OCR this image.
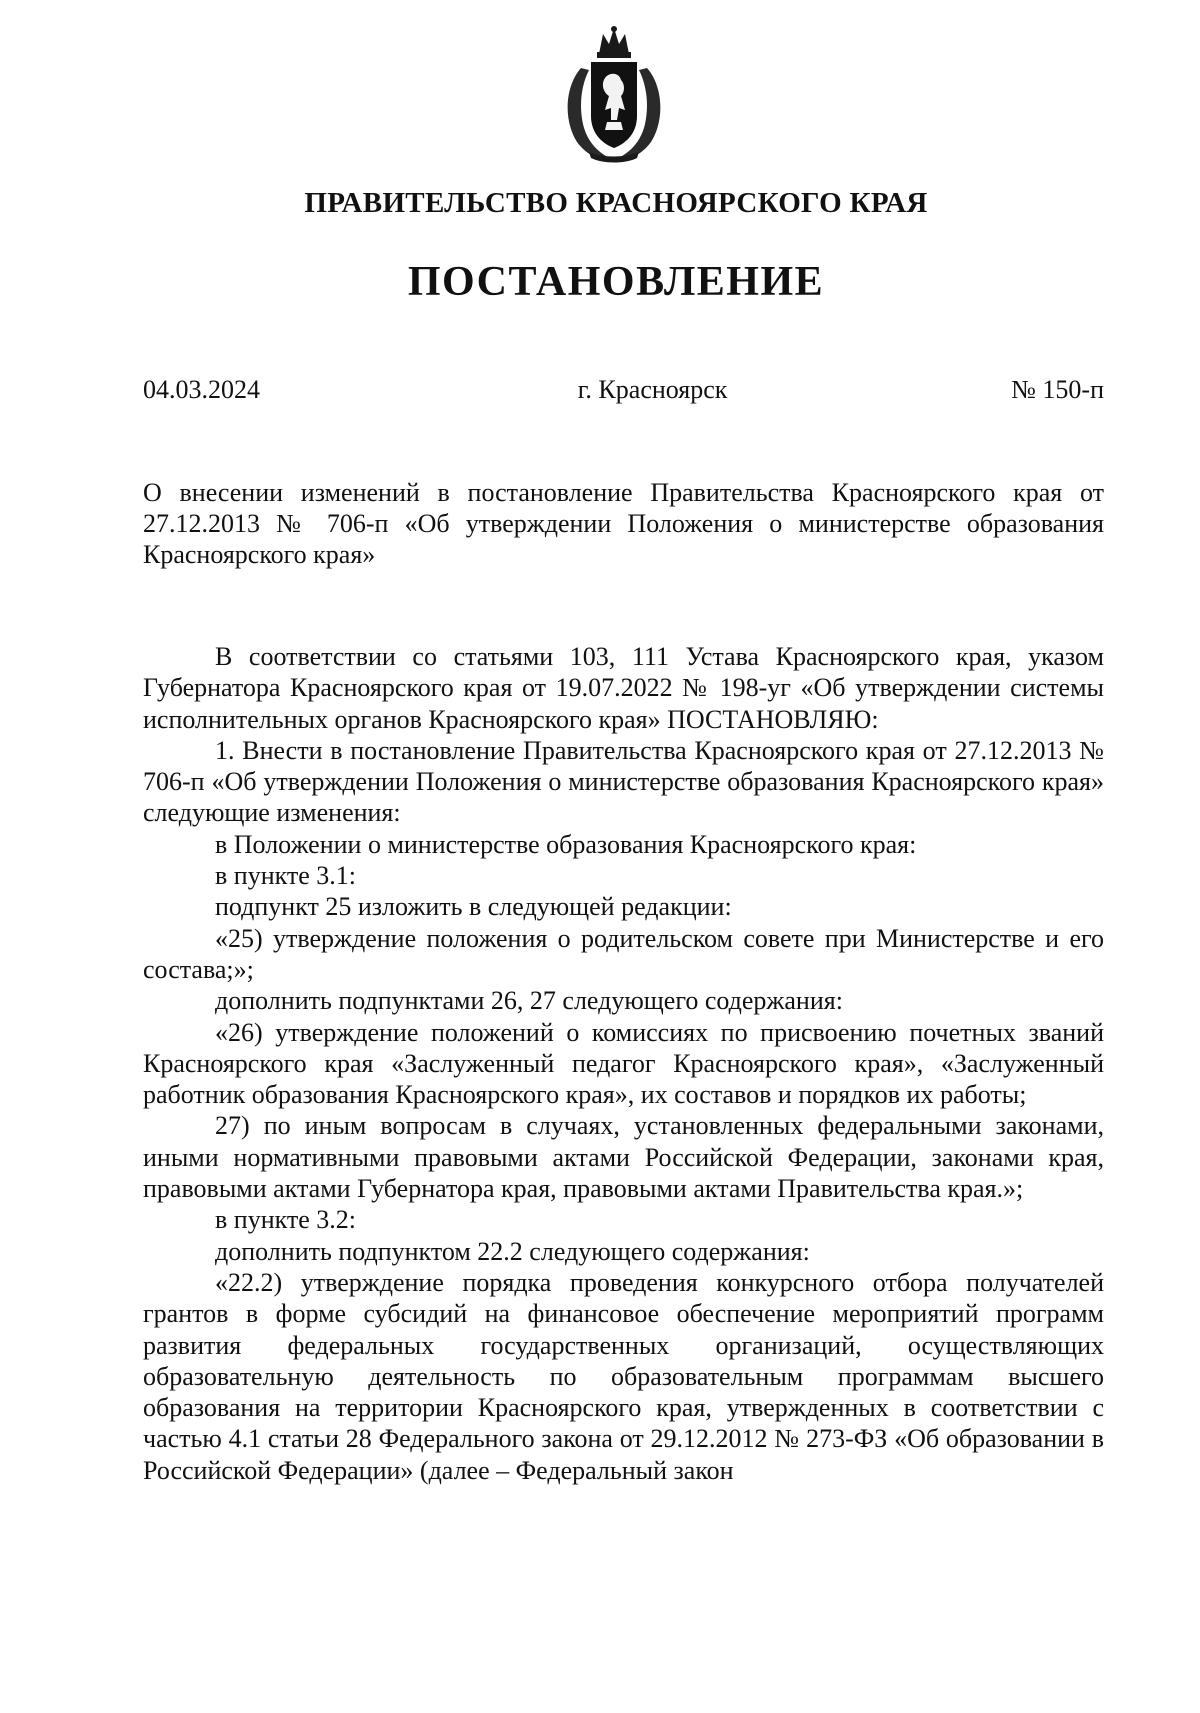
ПРАВИТЕЛЬСТВО КРАСНОЯРСКОГО КРАЯ
ПОСТАНОВЛЕНИЕ
04.03.2024	г. Красноярск	№ 150-п
О внесении изменений в постановление Правительства Красноярского края от 27.12.2013 № 706-п «Об утверждении Положения о министерстве образования Красноярского края»

В соответствии со статьями 103, 111 Устава Красноярского края, указом Губернатора Красноярского края от 19.07.2022 № 198-уг «Об утверждении системы исполнительных органов Красноярского края» ПОСТАНОВЛЯЮ:

1. Внести в постановление Правительства Красноярского края от 27.12.2013 № 706-п «Об утверждении Положения о министерстве образования Красноярского края» следующие изменения:

в Положении о министерстве образования Красноярского края:

в пункте 3.1:

подпункт 25 изложить в следующей редакции:

«25) утверждение положения о родительском совете при Министерстве и его состава;»;

дополнить подпунктами 26, 27 следующего содержания:

«26) утверждение положений о комиссиях по присвоению почетных званий Красноярского края «Заслуженный педагог Красноярского края», «Заслуженный работник образования Красноярского края», их составов и порядков их работы;

27) по иным вопросам в случаях, установленных федеральными законами, иными нормативными правовыми актами Российской Федерации, законами края, правовыми актами Губернатора края, правовыми актами Правительства края.»;

в пункте 3.2:

дополнить подпунктом 22.2 следующего содержания:

«22.2) утверждение порядка проведения конкурсного отбора получателей грантов в форме субсидий на финансовое обеспечение мероприятий программ развития федеральных государственных организаций, осуществляющих образовательную деятельность по образовательным программам высшего образования на территории Красноярского края, утвержденных в соответствии с частью 4.1 статьи 28 Федерального закона от 29.12.2012 № 273-ФЗ «Об образовании в Российской Федерации» (далее – Федеральный закон
